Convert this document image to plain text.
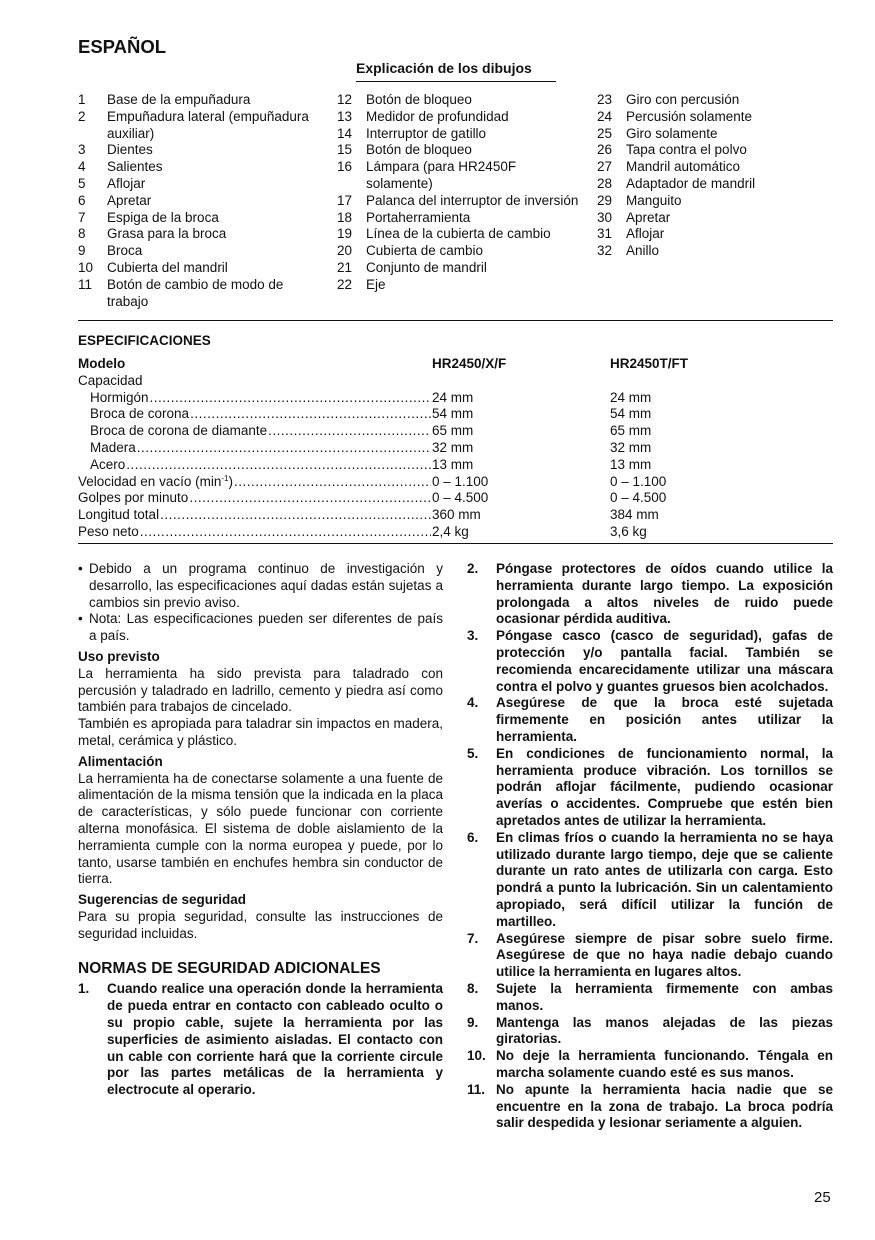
ESPAÑOL
Explicación de los dibujos
1	Base de la empuñadura
2	Empuñadura lateral (empuñadura auxiliar)
3	Dientes
4	Salientes
5	Aflojar
6	Apretar
7	Espiga de la broca
8	Grasa para la broca
9	Broca
10	Cubierta del mandril
11	Botón de cambio de modo de trabajo
12	Botón de bloqueo
13	Medidor de profundidad
14	Interruptor de gatillo
15	Botón de bloqueo
16	Lámpara (para HR2450F solamente)
17	Palanca del interruptor de inversión
18	Portaherramienta
19	Línea de la cubierta de cambio
20	Cubierta de cambio
21	Conjunto de mandril
22	Eje
23	Giro con percusión
24	Percusión solamente
25	Giro solamente
26	Tapa contra el polvo
27	Mandril automático
28	Adaptador de mandril
29	Manguito
30	Apretar
31	Aflojar
32	Anillo
ESPECIFICACIONES
Modelo	HR2450/X/F	HR2450T/FT
Capacidad
Hormigón .....	24 mm	24 mm
Broca de corona .....	54 mm	54 mm
Broca de corona de diamante .....	65 mm	65 mm
Madera .....	32 mm	32 mm
Acero .....	13 mm	13 mm
Velocidad en vacío $(\min^{-1})$ .....	0 – 1.100	0 – 1.100
Golpes por minuto .....	0 – 4.500	0 – 4.500
Longitud total .....	360 mm	384 mm
Peso neto .....	2,4 kg	3,6 kg
• Debido a un programa continuo de investigación y desarrollo, las especificaciones aquí dadas están sujetas a cambios sin previo aviso.
• Nota: Las especificaciones pueden ser diferentes de país a país.
Uso previsto

La herramienta ha sido prevista para taladrado con percusión y taladrado en ladrillo, cemento y piedra así como también para trabajos de cincelado.

También es apropiada para taladrar sin impactos en madera, metal, cerámica y plástico.

Alimentación

La herramienta ha de conectarse solamente a una fuente de alimentación de la misma tensión que la indicada en la placa de características, y sólo puede funcionar con corriente alterna monofásica. El sistema de doble aislamiento de la herramienta cumple con la norma europea y puede, por lo tanto, usarse también en enchufes hembra sin conductor de tierra.

Sugerencias de seguridad

Para su propia seguridad, consulte las instrucciones de seguridad incluidas.

NORMAS DE SEGURIDAD ADICIONALES
1.	Cuando realice una operación donde la herramienta de pueda entrar en contacto con cableado oculto o su propio cable, sujete la herramienta por las superficies de asimiento aisladas. El contacto con un cable con corriente hará que la corriente circule por las partes metálicas de la herramienta y electrocute al operario.
2.	Póngase protectores de oídos cuando utilice la herramienta durante largo tiempo. La exposición prolongada a altos niveles de ruido puede ocasionar pérdida auditiva.
3.	Póngase casco (casco de seguridad), gafas de protección y/o pantalla facial. También se recomienda encarecidamente utilizar una máscara contra el polvo y guantes gruesos bien acolchados.
4.	Asegúrese de que la broca esté sujetada firmemente en posición antes utilizar la herramienta.
5.	En condiciones de funcionamiento normal, la herramienta produce vibración. Los tornillos se podrán aflojar fácilmente, pudiendo ocasionar averías o accidentes. Compruebe que estén bien apretados antes de utilizar la herramienta.
6.	En climas fríos o cuando la herramienta no se haya utilizado durante largo tiempo, deje que se caliente durante un rato antes de utilizarla con carga. Esto pondrá a punto la lubricación. Sin un calentamiento apropiado, será difícil utilizar la función de martilleo.
7.	Asegúrese siempre de pisar sobre suelo firme. Asegúrese de que no haya nadie debajo cuando utilice la herramienta en lugares altos.
8.	Sujete la herramienta firmemente con ambas manos.
9.	Mantenga las manos alejadas de las piezas giratorias.
10. No deje la herramienta funcionando. Téngala en marcha solamente cuando esté es sus manos.
11. No apunte la herramienta hacia nadie que se encuentre en la zona de trabajo. La broca podría salir despedida y lesionar seriamente a alguien.
25
